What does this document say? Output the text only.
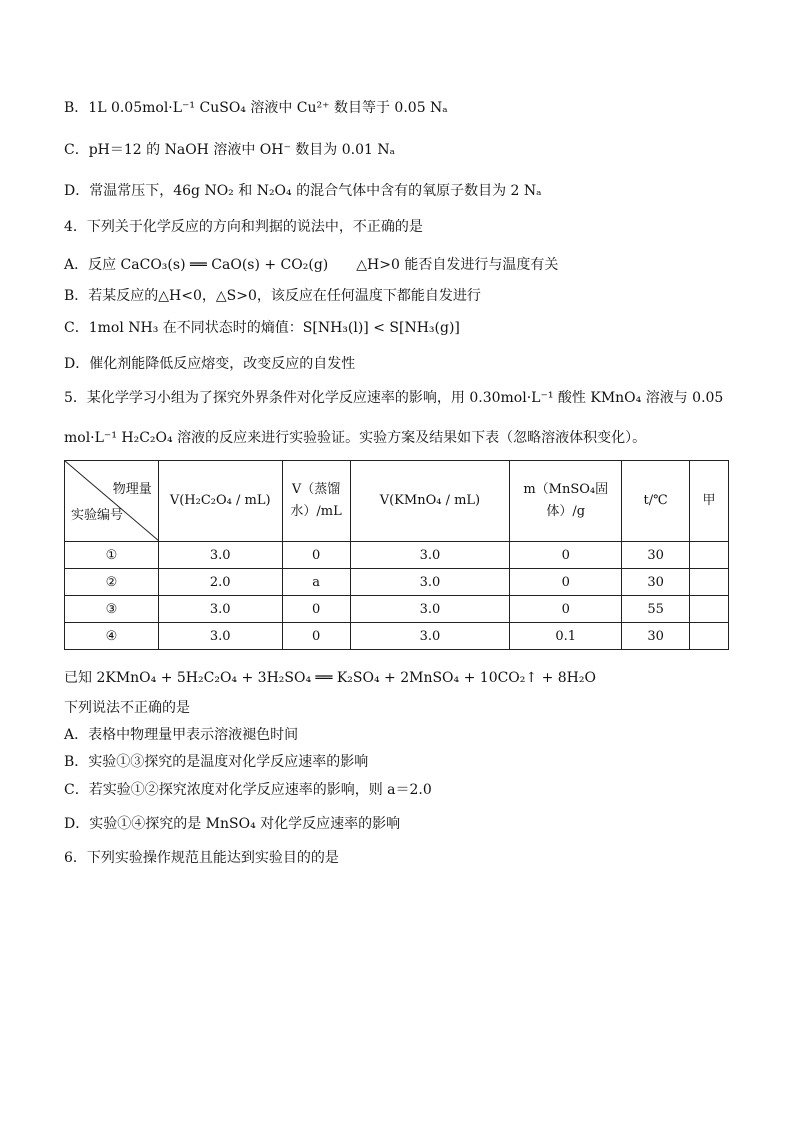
B．1L 0.05mol·L⁻¹ CuSO₄ 溶液中 Cu²⁺ 数目等于 0.05 Nₐ
C．pH＝12 的 NaOH 溶液中 OH⁻ 数目为 0.01 Nₐ
D．常温常压下，46g NO₂ 和 N₂O₄ 的混合气体中含有的氧原子数目为 2 Nₐ
4．下列关于化学反应的方向和判据的说法中，不正确的是
A．反应 CaCO₃(s) ══ CaO(s) + CO₂(g)　　△H>0 能否自发进行与温度有关
B．若某反应的△H<0，△S>0，该反应在任何温度下都能自发进行
C．1mol NH₃ 在不同状态时的熵值：S[NH₃(l)] < S[NH₃(g)]
D．催化剂能降低反应熔变，改变反应的自发性
5．某化学学习小组为了探究外界条件对化学反应速率的影响，用 0.30mol·L⁻¹ 酸性 KMnO₄ 溶液与 0.05
mol·L⁻¹ H₂C₂O₄ 溶液的反应来进行实验验证。实验方案及结果如下表（忽略溶液体积变化）。
物理量
实验编号	V(H₂C₂O₄ / mL)	V（蒸馏水）/mL	V(KMnO₄ / mL)	m（MnSO₄固体）/g	t/℃	甲
①	3.0	0	3.0	0	30	
②	2.0	a	3.0	0	30	
③	3.0	0	3.0	0	55	
④	3.0	0	3.0	0.1	30	
已知 2KMnO₄ + 5H₂C₂O₄ + 3H₂SO₄ ══ K₂SO₄ + 2MnSO₄ + 10CO₂↑ + 8H₂O
下列说法不正确的是
A．表格中物理量甲表示溶液褪色时间
B．实验①③探究的是温度对化学反应速率的影响
C．若实验①②探究浓度对化学反应速率的影响，则 a＝2.0
D．实验①④探究的是 MnSO₄ 对化学反应速率的影响
6．下列实验操作规范且能达到实验目的的是
